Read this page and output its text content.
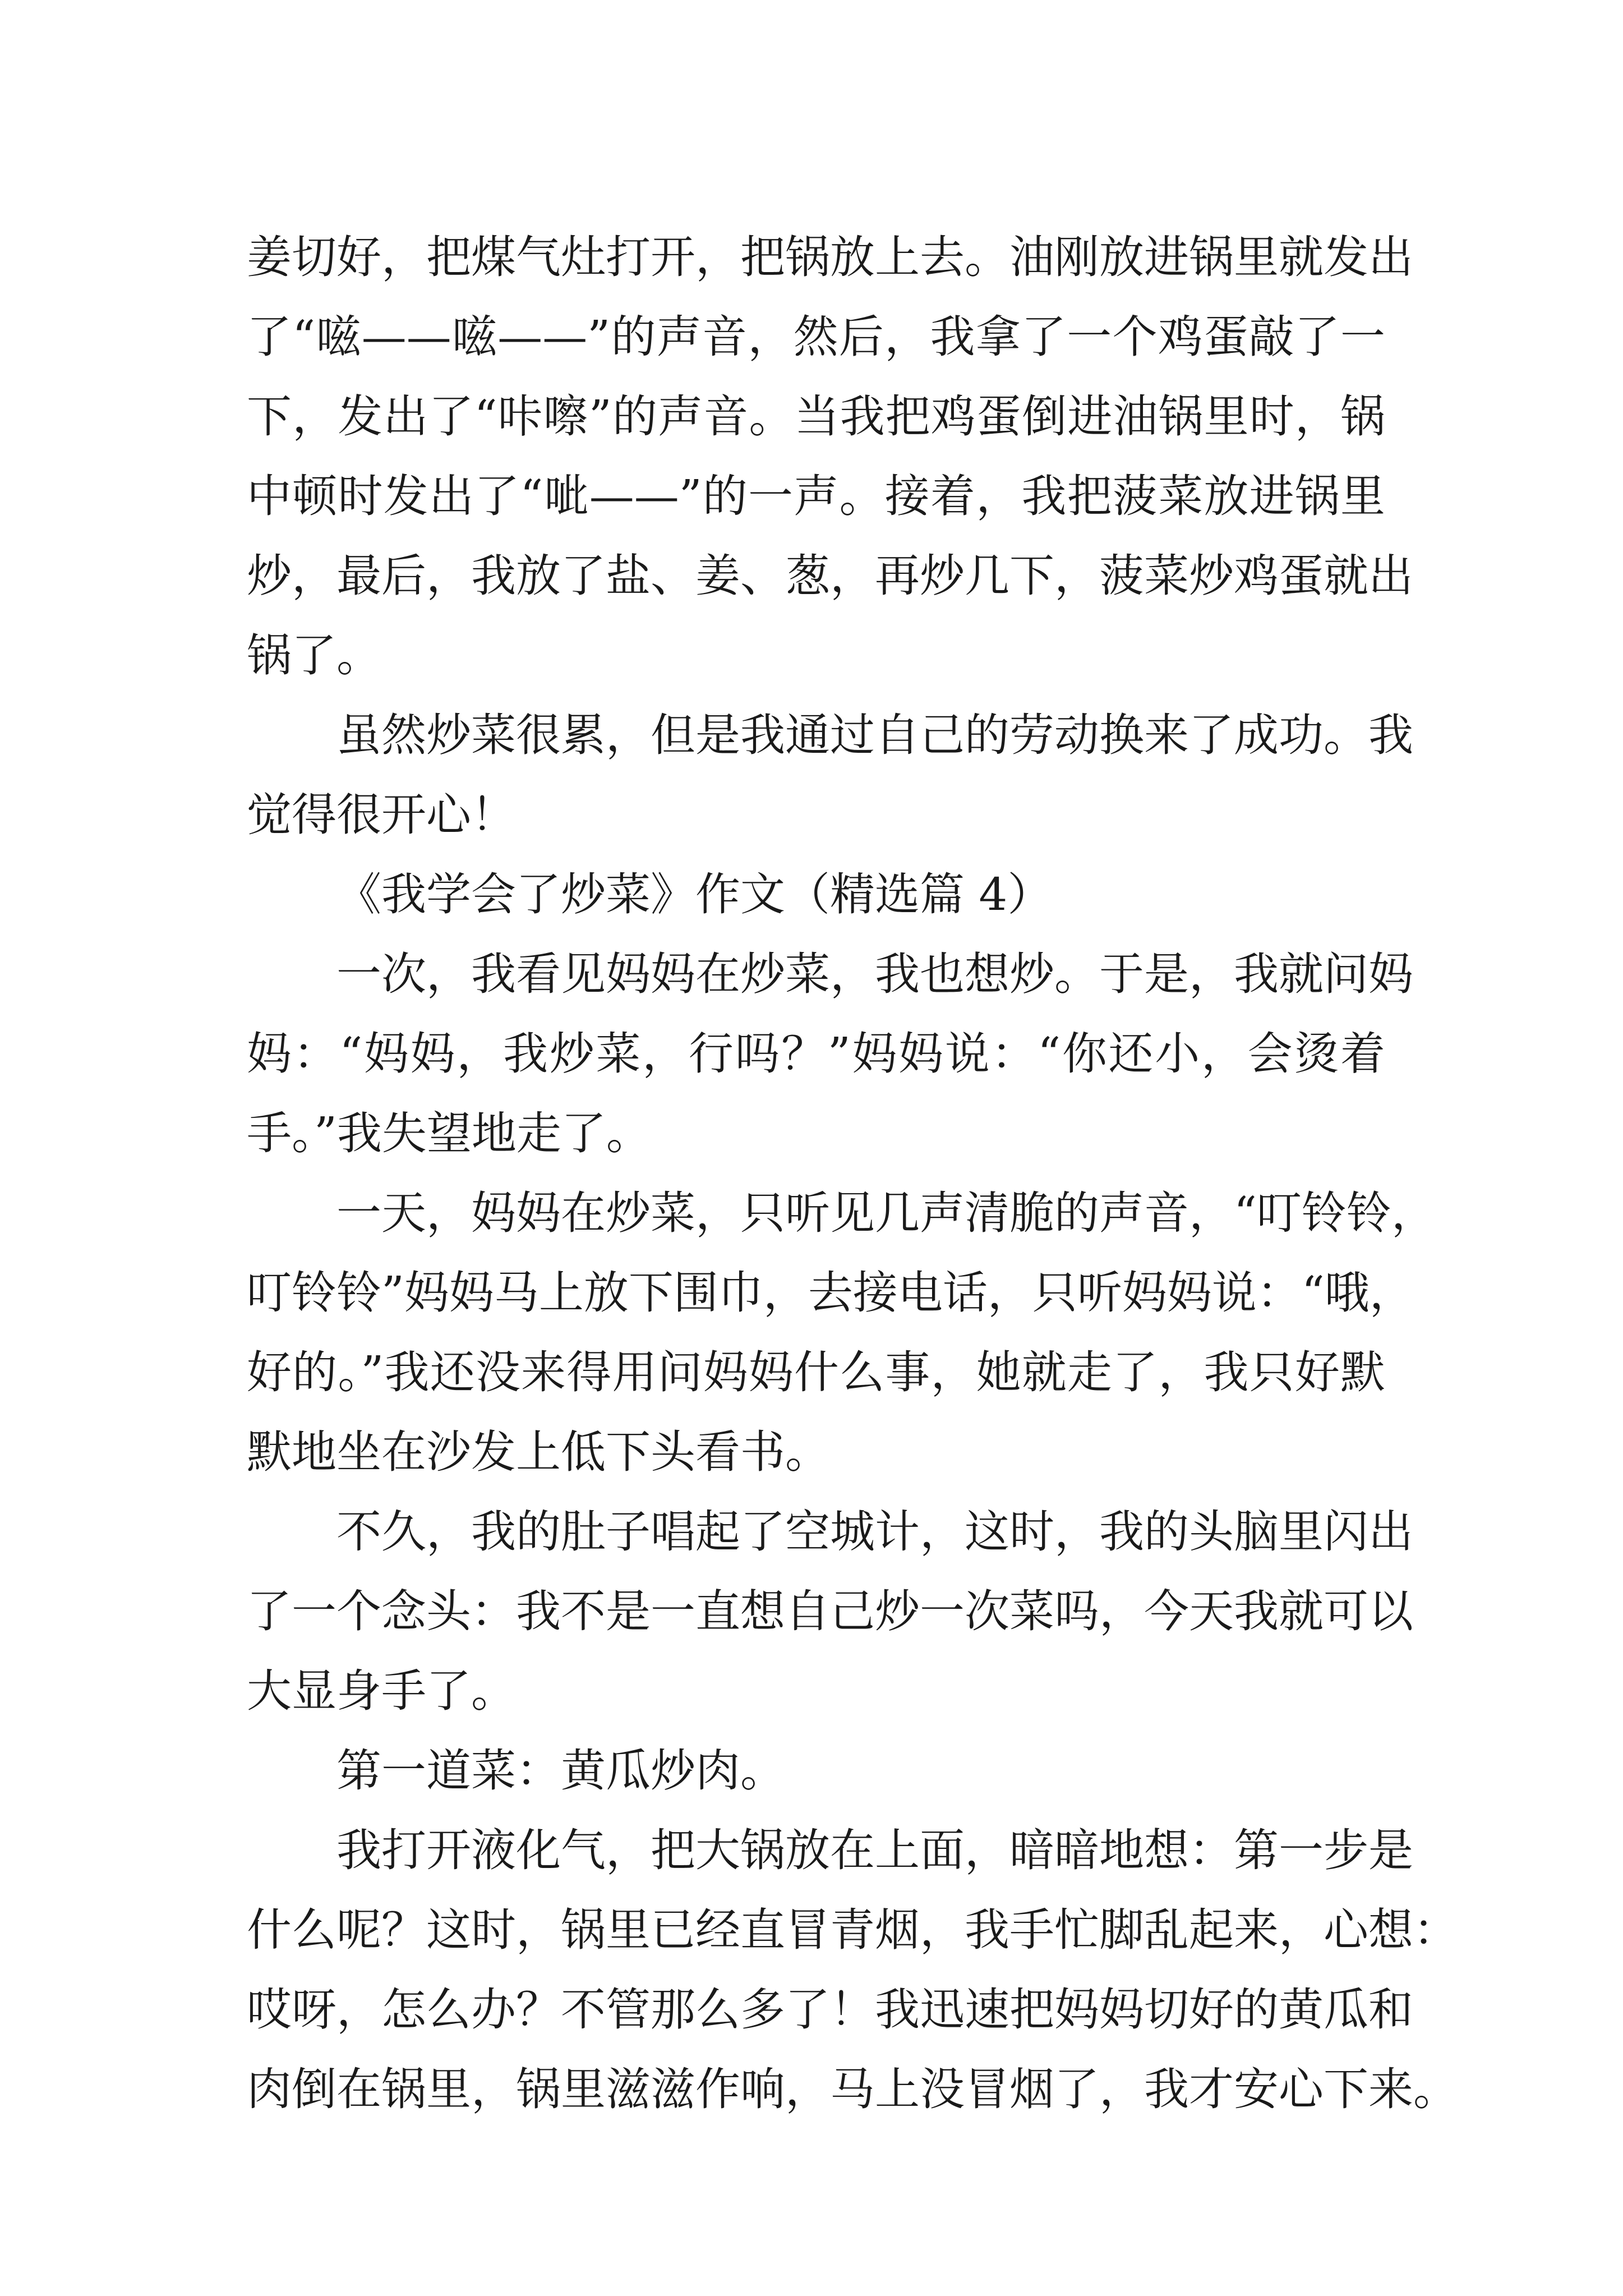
姜切好，把煤气灶打开，把锅放上去。油刚放进锅里就发出
了“嗞——嗞——”的声音，然后，我拿了一个鸡蛋敲了一
下，发出了“咔嚓”的声音。当我把鸡蛋倒进油锅里时，锅
中顿时发出了“呲——”的一声。接着，我把菠菜放进锅里
炒，最后，我放了盐、姜、葱，再炒几下，菠菜炒鸡蛋就出
锅了。
虽然炒菜很累，但是我通过自己的劳动换来了成功。我
觉得很开心！
《我学会了炒菜》作文（精选篇 4）
一次，我看见妈妈在炒菜，我也想炒。于是，我就问妈
妈：“妈妈，我炒菜，行吗？”妈妈说：“你还小，会烫着
手。”我失望地走了。
一天，妈妈在炒菜，只听见几声清脆的声音，“叮铃铃，
叮铃铃”妈妈马上放下围巾，去接电话，只听妈妈说：“哦，
好的。”我还没来得用问妈妈什么事，她就走了，我只好默
默地坐在沙发上低下头看书。
不久，我的肚子唱起了空城计，这时，我的头脑里闪出
了一个念头：我不是一直想自己炒一次菜吗，今天我就可以
大显身手了。
第一道菜：黄瓜炒肉。
我打开液化气，把大锅放在上面，暗暗地想：第一步是
什么呢？这时，锅里已经直冒青烟，我手忙脚乱起来，心想：
哎呀，怎么办？不管那么多了！我迅速把妈妈切好的黄瓜和
肉倒在锅里，锅里滋滋作响，马上没冒烟了，我才安心下来。
